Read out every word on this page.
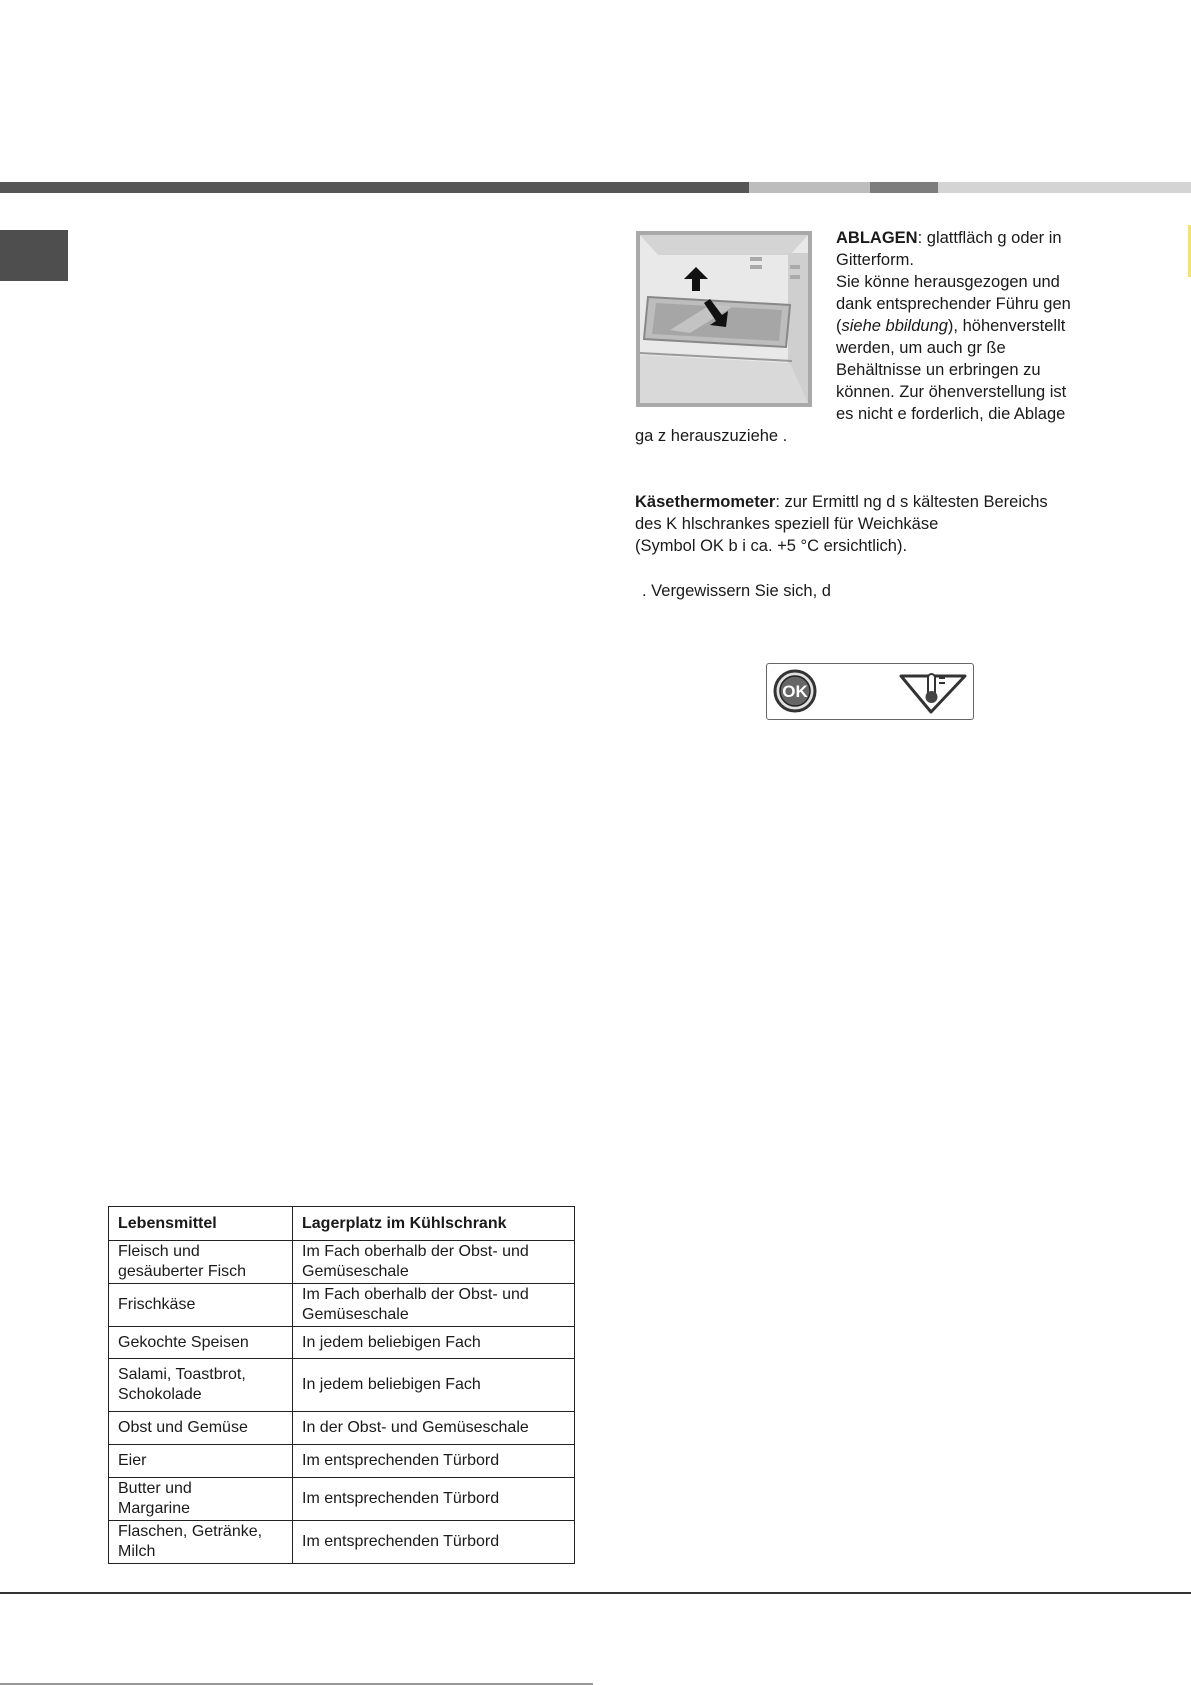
ABLAGEN: glattfläch g oder in
Gitterform.
Sie könne herausgezogen und
dank entsprechender Führu gen
(siehe bbildung), höhenverstellt
werden, um auch gr ße
Behältnisse un erbringen zu
können. Zur öhenverstellung ist
es nicht e forderlich, die Ablage
ga z herauszuziehe .
Käsethermometer: zur Ermittl ng d s kältesten Bereichs
des K hlschrankes speziell für Weichkäse
(Symbol OK b i ca. +5 °C ersichtlich).
. Vergewissern Sie sich, d
OK
Lebensmittel	Lagerplatz im Kühlschrank
Fleisch und
gesäuberter Fisch	Im Fach oberhalb der Obst- und
Gemüseschale
Frischkäse	Im Fach oberhalb der Obst- und
Gemüseschale
Gekochte Speisen	In jedem beliebigen Fach
Salami, Toastbrot,
Schokolade	In jedem beliebigen Fach
Obst und Gemüse	In der Obst- und Gemüseschale
Eier	Im entsprechenden Türbord
Butter und
Margarine	Im entsprechenden Türbord
Flaschen, Getränke,
Milch	Im entsprechenden Türbord
